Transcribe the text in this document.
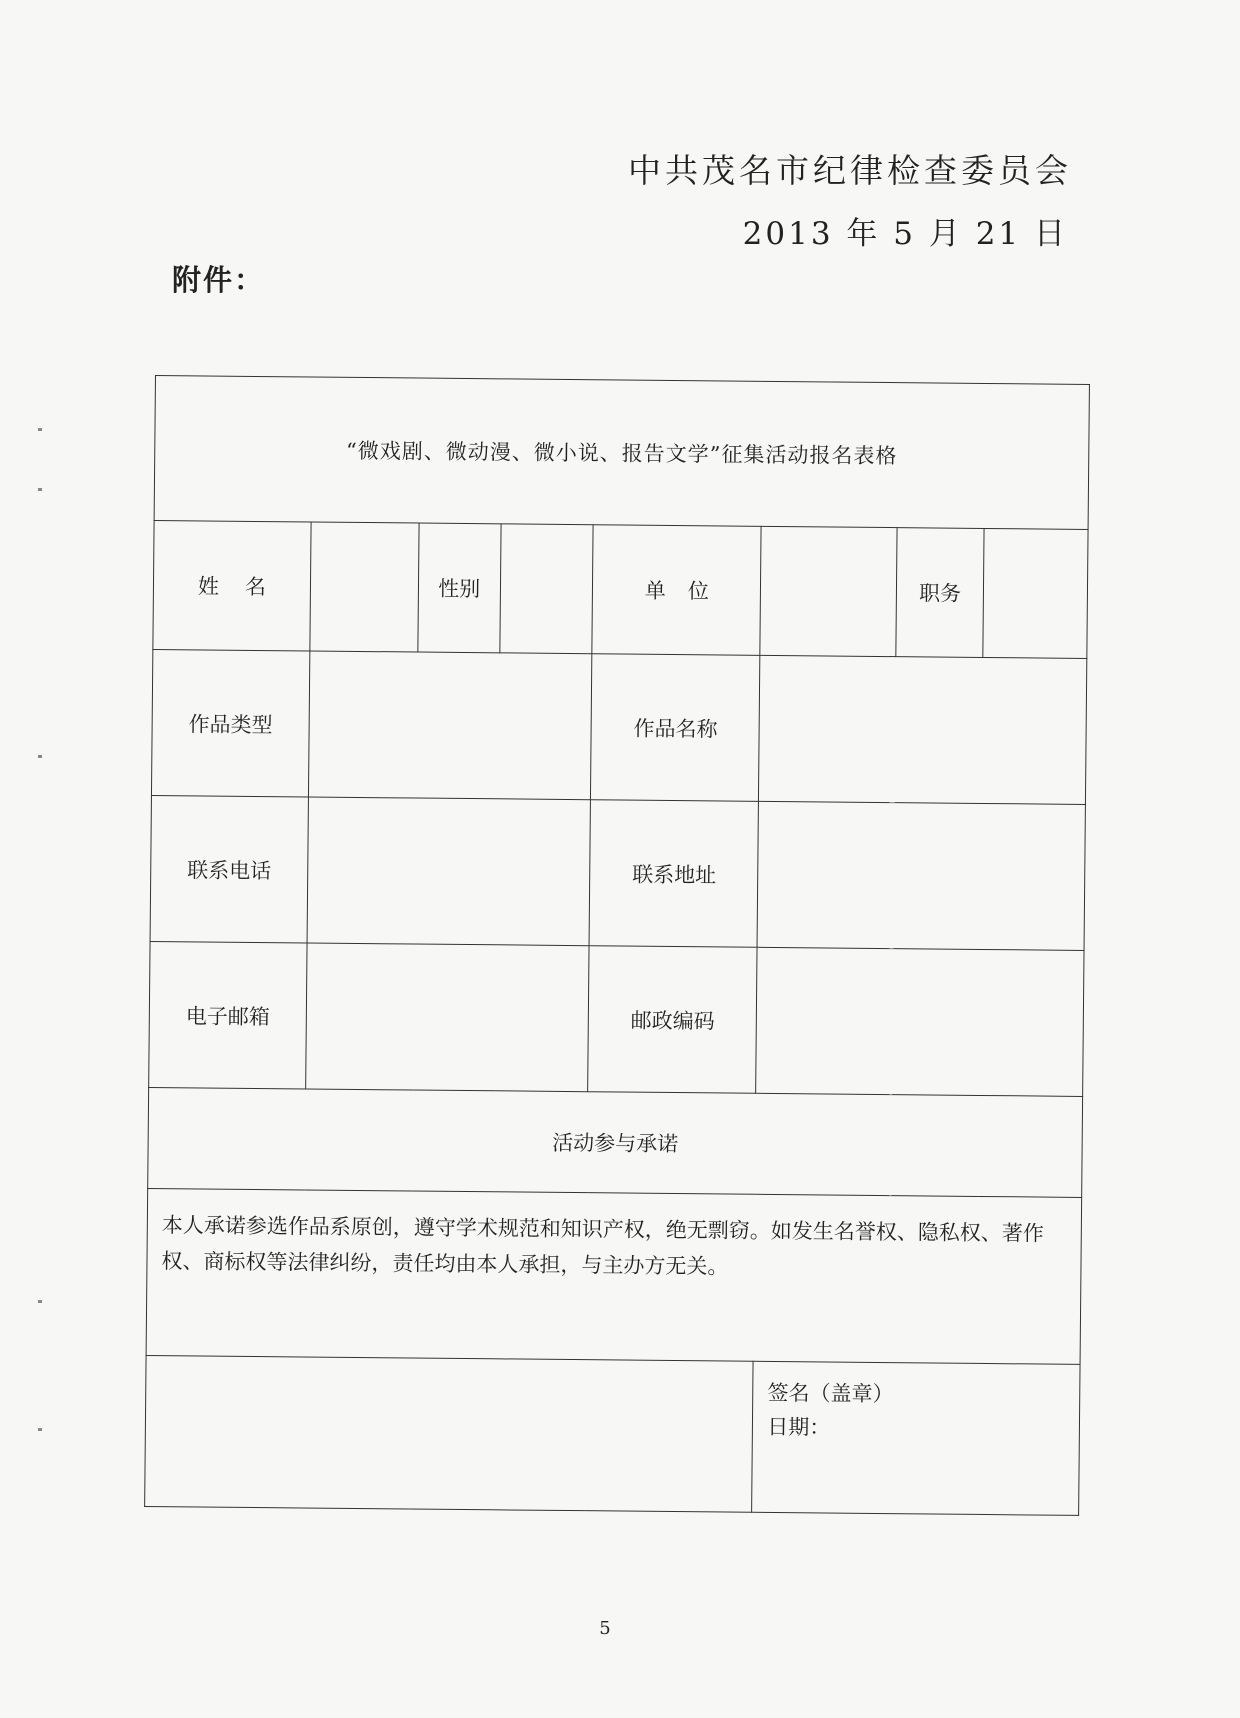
中共茂名市纪律检查委员会
2013 年 5 月 21 日
附件：
“微戏剧、微动漫、微小说、报告文学”征集活动报名表格							
姓名		性别		单位		职务	
作品类型				作品名称			
联系电话				联系地址			
电子邮箱				邮政编码			
活动参与承诺							
本人承诺参选作品系原创，遵守学术规范和知识产权，绝无剽窃。如发生名誉权、隐私权、著作权、商标权等法律纠纷，责任均由本人承担，与主办方无关。							

					签名（盖章）
日期：		
5
